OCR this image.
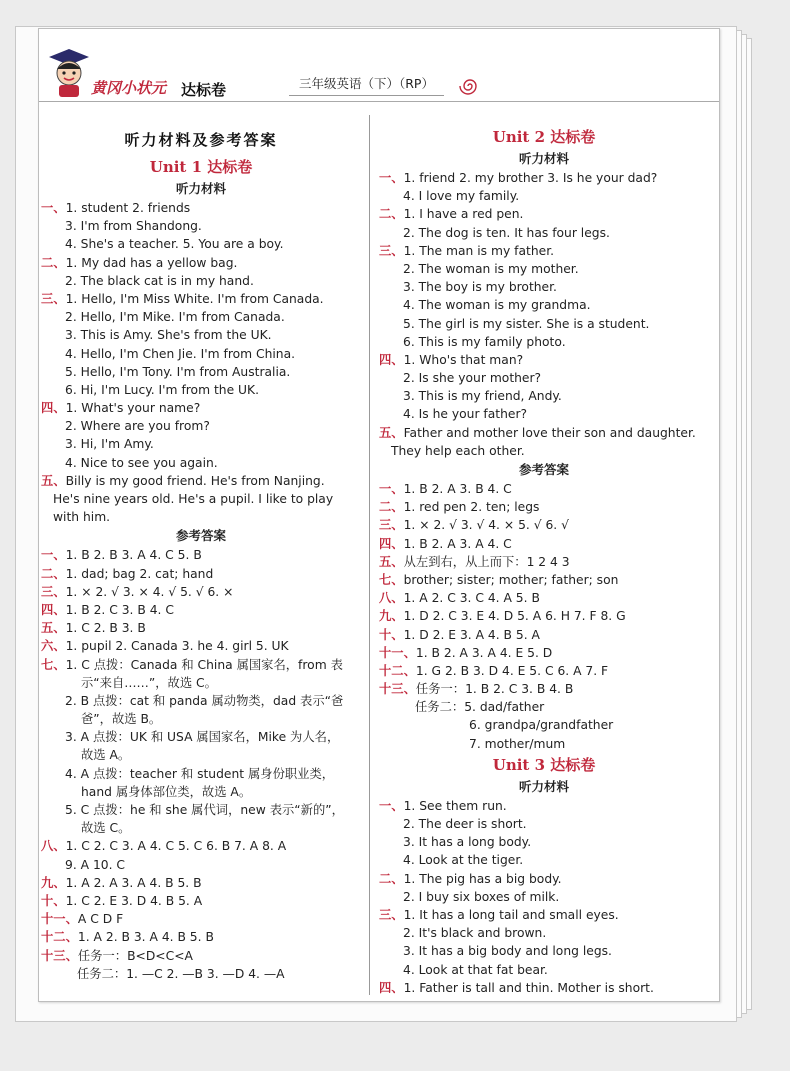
黄冈小状元 达标卷	三年级英语（下）（RP）
听力材料及参考答案
Unit 1 达标卷
听力材料
一、1. student 2. friends
3. I'm from Shandong.
4. She's a teacher. 5. You are a boy.
二、1. My dad has a yellow bag.
2. The black cat is in my hand.
三、1. Hello, I'm Miss White. I'm from Canada.
2. Hello, I'm Mike. I'm from Canada.
3. This is Amy. She's from the UK.
4. Hello, I'm Chen Jie. I'm from China.
5. Hello, I'm Tony. I'm from Australia.
6. Hi, I'm Lucy. I'm from the UK.
四、1. What's your name?
2. Where are you from?
3. Hi, I'm Amy.
4. Nice to see you again.
五、Billy is my good friend. He's from Nanjing.
He's nine years old. He's a pupil. I like to play
with him.
参考答案
一、1. B 2. B 3. A 4. C 5. B
二、1. dad; bag 2. cat; hand
三、1. × 2. √ 3. × 4. √ 5. √ 6. ×
四、1. B 2. C 3. B 4. C
五、1. C 2. B 3. B
六、1. pupil 2. Canada 3. he 4. girl 5. UK
七、1. C 点拨：Canada 和 China 属国家名，from 表
示“来自……”，故选 C。
2. B 点拨：cat 和 panda 属动物类，dad 表示“爸
爸”，故选 B。
3. A 点拨：UK 和 USA 属国家名，Mike 为人名，
故选 A。
4. A 点拨：teacher 和 student 属身份职业类，
hand 属身体部位类，故选 A。
5. C 点拨：he 和 she 属代词，new 表示“新的”，
故选 C。
八、1. C 2. C 3. A 4. C 5. C 6. B 7. A 8. A
9. A 10. C
九、1. A 2. A 3. A 4. B 5. B
十、1. C 2. E 3. D 4. B 5. A
十一、A C D F
十二、1. A 2. B 3. A 4. B 5. B
十三、任务一：B<D<C<A
任务二：1. —C 2. —B 3. —D 4. —A
Unit 2 达标卷
听力材料
一、1. friend 2. my brother 3. Is he your dad?
4. I love my family.
二、1. I have a red pen.
2. The dog is ten. It has four legs.
三、1. The man is my father.
2. The woman is my mother.
3. The boy is my brother.
4. The woman is my grandma.
5. The girl is my sister. She is a student.
6. This is my family photo.
四、1. Who's that man?
2. Is she your mother?
3. This is my friend, Andy.
4. Is he your father?
五、Father and mother love their son and daughter.
They help each other.
参考答案
一、1. B 2. A 3. B 4. C
二、1. red pen 2. ten; legs
三、1. × 2. √ 3. √ 4. × 5. √ 6. √
四、1. B 2. A 3. A 4. C
五、从左到右，从上而下：1 2 4 3
七、brother; sister; mother; father; son
八、1. A 2. C 3. C 4. A 5. B
九、1. D 2. C 3. E 4. D 5. A 6. H 7. F 8. G
十、1. D 2. E 3. A 4. B 5. A
十一、1. B 2. A 3. A 4. E 5. D
十二、1. G 2. B 3. D 4. E 5. C 6. A 7. F
十三、任务一：1. B 2. C 3. B 4. B
任务二：5. dad/father
6. grandpa/grandfather
7. mother/mum
Unit 3 达标卷
听力材料
一、1. See them run.
2. The deer is short.
3. It has a long body.
4. Look at the tiger.
二、1. The pig has a big body.
2. I buy six boxes of milk.
三、1. It has a long tail and small eyes.
2. It's black and brown.
3. It has a big body and long legs.
4. Look at that fat bear.
四、1. Father is tall and thin. Mother is short.
